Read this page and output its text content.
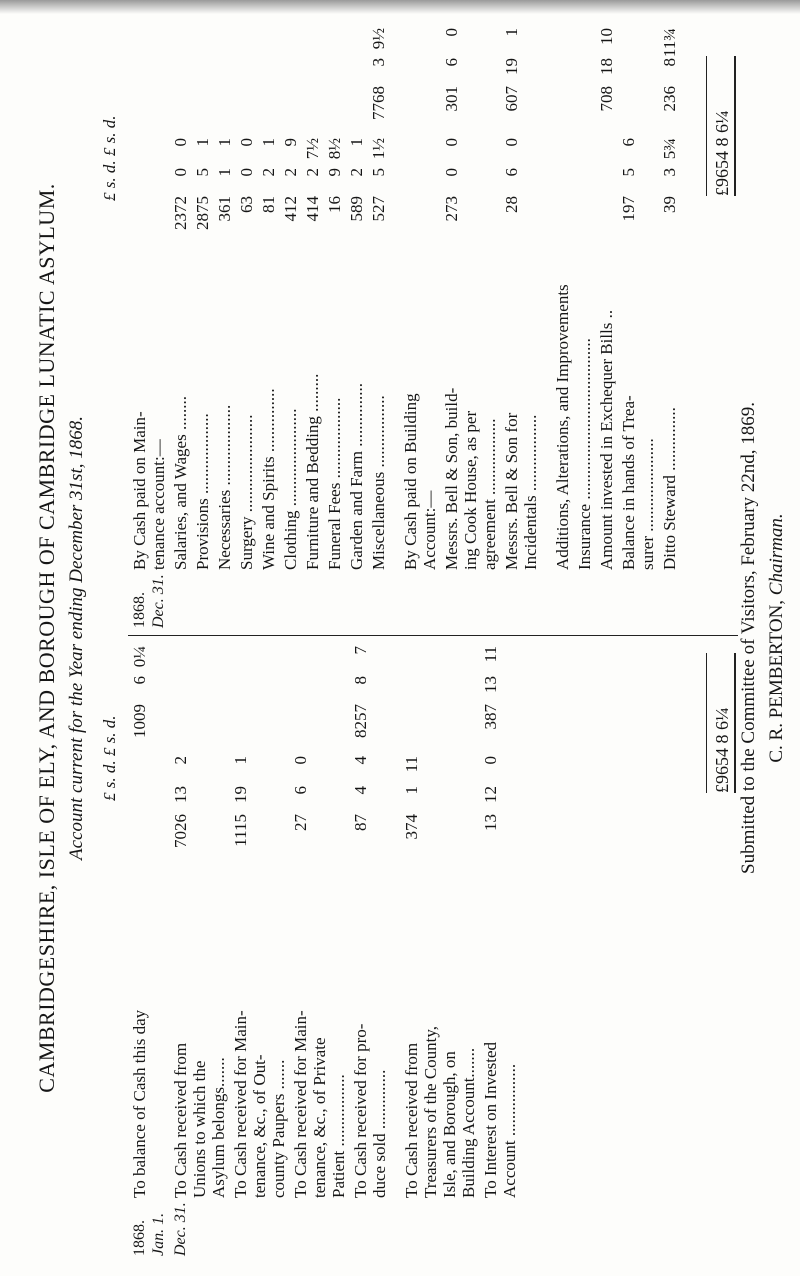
CAMBRIDGESHIRE, ISLE OF ELY, AND BOROUGH OF CAMBRIDGE LUNATIC ASYLUM. Account current for the Year ending December 31st, 1868. £ s. d. £ s. d.
£ s. d. £ s. d.
1868. Jan. 1.
To balance of Cash this day
1009
6
0¼
Dec. 31.
To Cash received from
Unions to which the
Asylum belongs.......
7026
13
2
To Cash received for Main-
tenance, &c., of Out-
county Paupers .......
1115
19
1
To Cash received for Main-
tenance, &c., of Private
Patient .................
27
6
0
To Cash received for pro-
duce sold ..............
87
4
4
8257
8
7
To Cash received from
Treasurers of the County,
Isle, and Borough, on
Building Account.......
374
1
11
To Interest on Invested
Account .................
13
12
0
387
13
11
1868. Dec. 31.
By Cash paid on Main-
tenance account:— Salaries, and Wages ........
2372
0
0
Provisions ...................
2875
5
1
Necessaries ...................
361
1
1
Surgery .......................
63
0
0
Wine and Spirits ...............
81
2
1
Clothing .......................
412
2
9
Furniture and Bedding .........
414
2
7½
Funeral Fees ...................
16
9
8½
Garden and Farm ...............
589
2
1
Miscellaneous .................
527
5
1½
7768
3
9½
By Cash paid on Building
Account:— Messrs. Bell & Son, build-
ing Cook House, as per
agreement ..................
273
0
0
301
6
0
Messrs. Bell & Son for
Incidentals ..................
28
6
0
607
19
1
Additions, Alterations, and Improvements Insurance ...................................... Amount invested in Exchequer Bills ..
708
18
10
Balance in hands of Trea-
surer ......................
197
5
6
Ditto Steward ...............
39
3
5¾
236
8
11¾
£9654 8 6¼
£9654 8 6¼
Submitted to the Committee of Visitors, February 22nd, 1869. C. R. PEMBERTON, Chairman.
